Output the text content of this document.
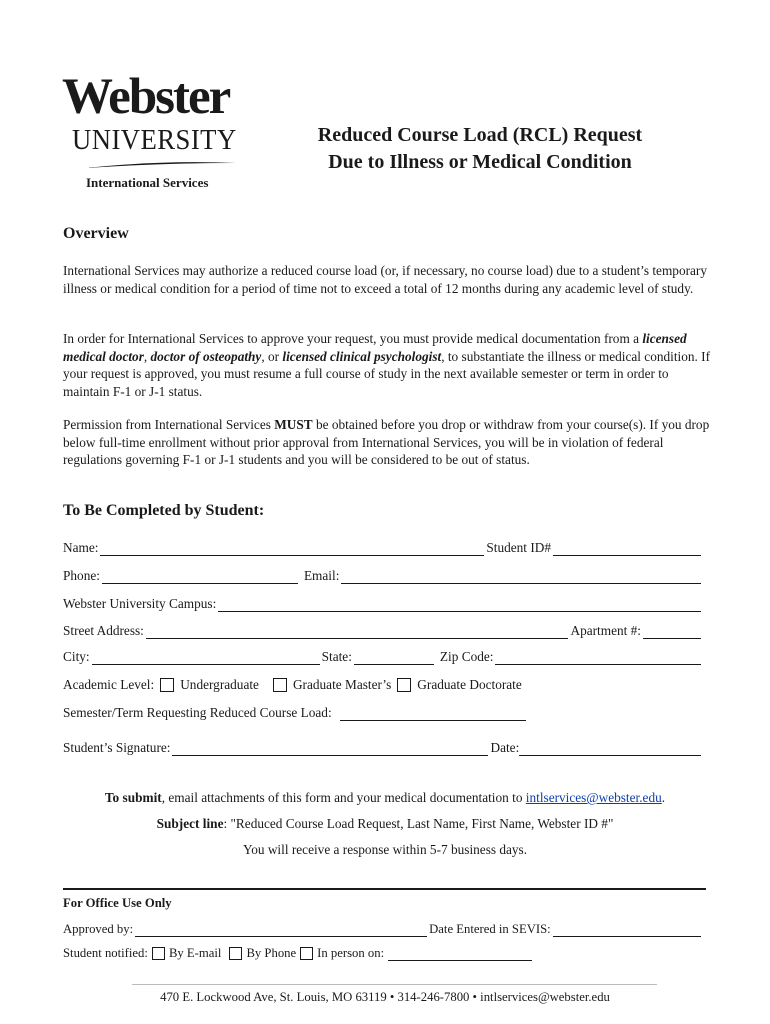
Webster
UNIVERSITY
International Services
Reduced Course Load (RCL) Request
Due to Illness or Medical Condition
Overview
International Services may authorize a reduced course load (or, if necessary, no course load) due to a student’s temporary illness or medical condition for a period of time not to exceed a total of 12 months during any academic level of study.
In order for International Services to approve your request, you must provide medical documentation from a licensed medical doctor, doctor of osteopathy, or licensed clinical psychologist, to substantiate the illness or medical condition. If your request is approved, you must resume a full course of study in the next available semester or term in order to maintain F-1 or J-1 status.
Permission from International Services MUST be obtained before you drop or withdraw from your course(s). If you drop below full-time enrollment without prior approval from International Services, you will be in violation of federal regulations governing F-1 or J-1 students and you will be considered to be out of status.
To Be Completed by Student:
Name:	Student ID#
Phone:	Email:
Webster University Campus:
Street Address:	Apartment #:
City:	State:	Zip Code:
Academic Level: Undergraduate	Graduate Master’s Graduate Doctorate
Semester/Term Requesting Reduced Course Load:
Student’s Signature:	Date:
To submit, email attachments of this form and your medical documentation to intlservices@webster.edu.
Subject line: "Reduced Course Load Request, Last Name, First Name, Webster ID #"
You will receive a response within 5-7 business days.
For Office Use Only
Approved by:	Date Entered in SEVIS:
Student notified: By E-mail By Phone In person on:
470 E. Lockwood Ave, St. Louis, MO 63119 • 314-246-7800 • intlservices@webster.edu
